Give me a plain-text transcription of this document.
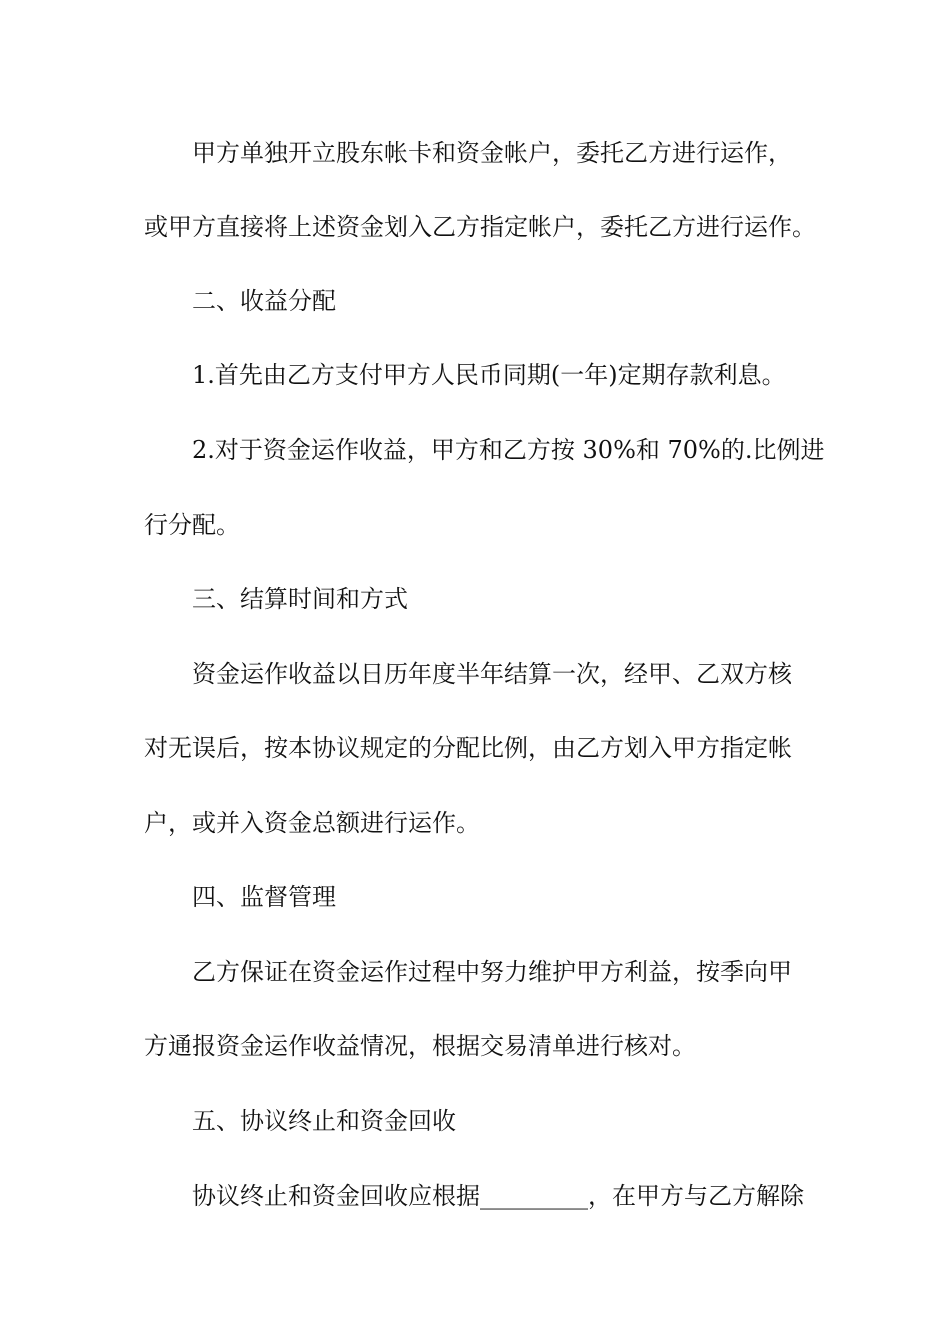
甲方单独开立股东帐卡和资金帐户，委托乙方进行运作，
或甲方直接将上述资金划入乙方指定帐户，委托乙方进行运作。
二、收益分配
1.首先由乙方支付甲方人民币同期(一年)定期存款利息。
2.对于资金运作收益，甲方和乙方按 30%和 70%的.比例进
行分配。
三、结算时间和方式
资金运作收益以日历年度半年结算一次，经甲、乙双方核
对无误后，按本协议规定的分配比例，由乙方划入甲方指定帐
户，或并入资金总额进行运作。
四、监督管理
乙方保证在资金运作过程中努力维护甲方利益，按季向甲
方通报资金运作收益情况，根据交易清单进行核对。
五、协议终止和资金回收
协议终止和资金回收应根据_________，在甲方与乙方解除
